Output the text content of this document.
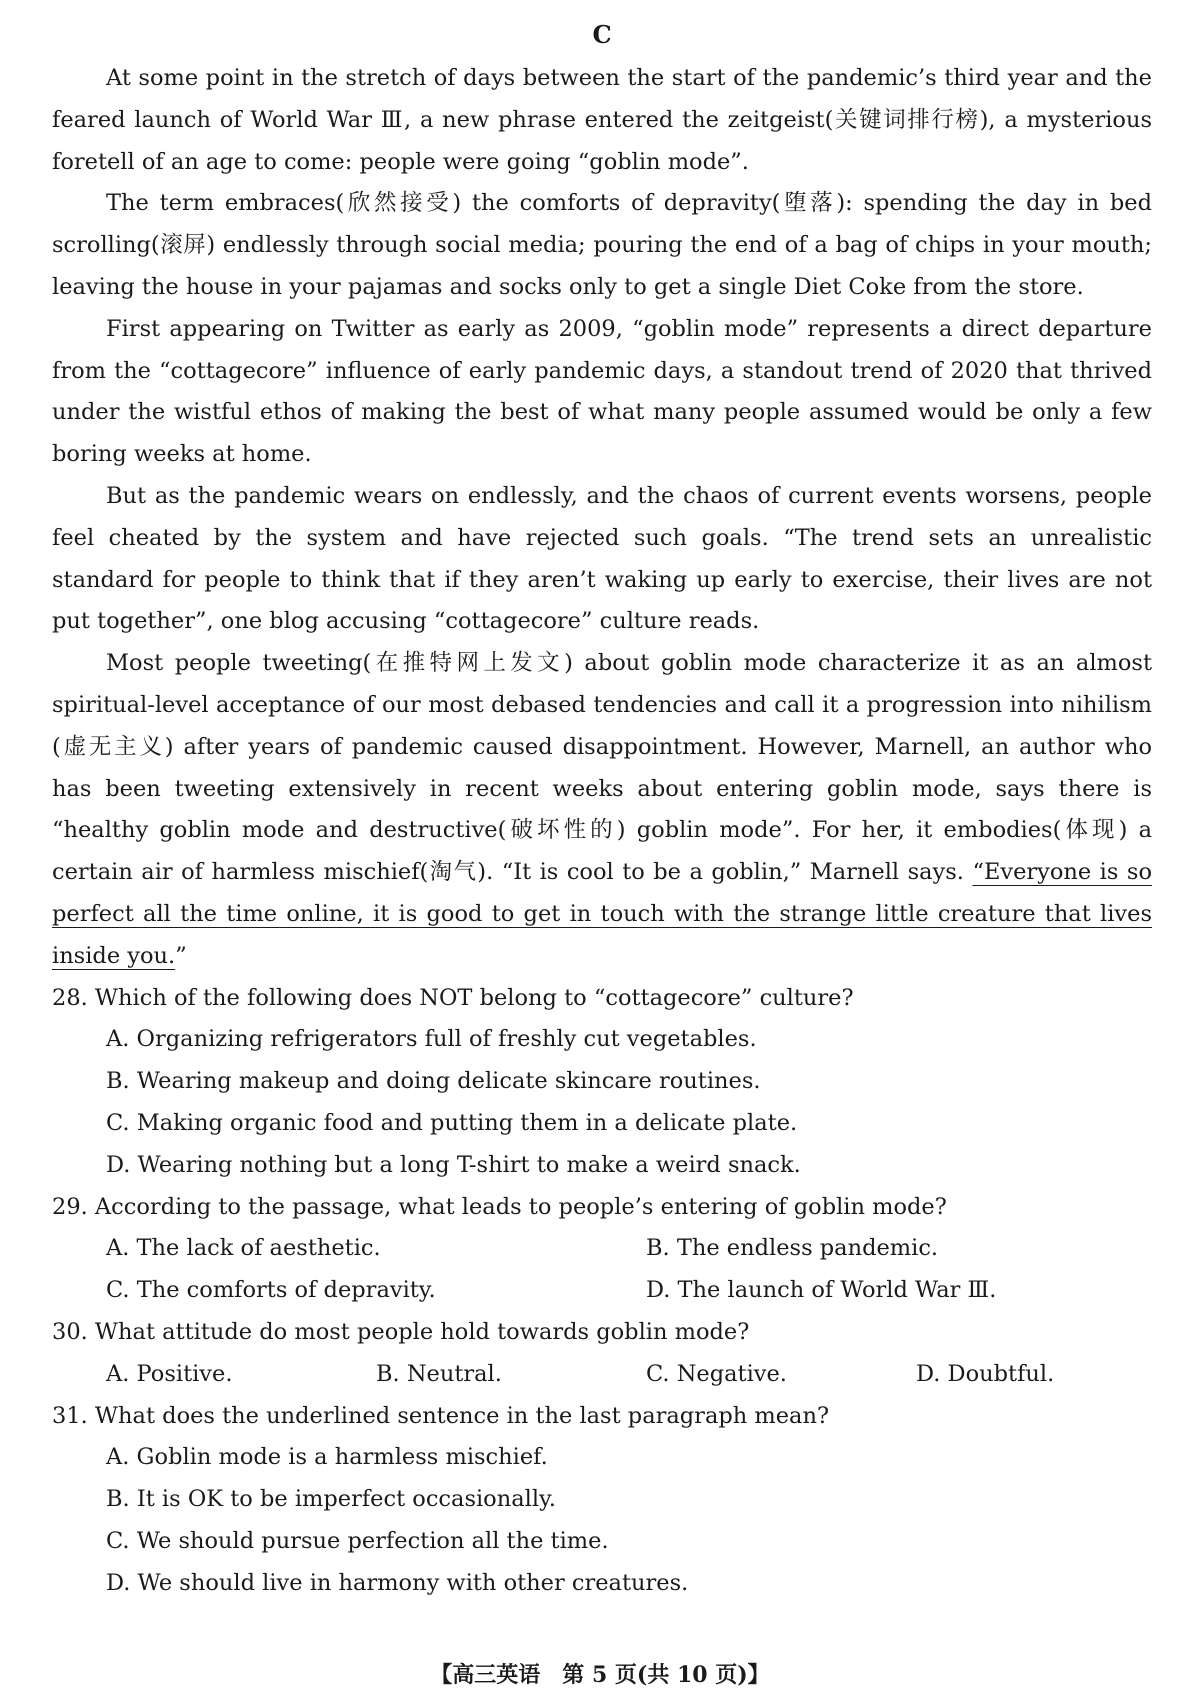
C

At some point in the stretch of days between the start of the pandemic’s third year and the feared launch of World War Ⅲ, a new phrase entered the zeitgeist(关键词排行榜), a mysterious foretell of an age to come: people were going “goblin mode”.

The term embraces(欣然接受) the comforts of depravity(堕落): spending the day in bed scrolling(滚屏) endlessly through social media; pouring the end of a bag of chips in your mouth; leaving the house in your pajamas and socks only to get a single Diet Coke from the store.

First appearing on Twitter as early as 2009, “goblin mode” represents a direct departure from the “cottagecore” influence of early pandemic days, a standout trend of 2020 that thrived under the wistful ethos of making the best of what many people assumed would be only a few boring weeks at home.

But as the pandemic wears on endlessly, and the chaos of current events worsens, people feel cheated by the system and have rejected such goals. “The trend sets an unrealistic standard for people to think that if they aren’t waking up early to exercise, their lives are not put together”, one blog accusing “cottagecore” culture reads.

Most people tweeting(在推特网上发文) about goblin mode characterize it as an almost spiritual-level acceptance of our most debased tendencies and call it a progression into nihilism (虚无主义) after years of pandemic caused disappointment. However, Marnell, an author who has been tweeting extensively in recent weeks about entering goblin mode, says there is “healthy goblin mode and destructive(破坏性的) goblin mode”. For her, it embodies(体现) a certain air of harmless mischief(淘气). “It is cool to be a goblin,” Marnell says. “Everyone is so perfect all the time online, it is good to get in touch with the strange little creature that lives inside you.”

28. Which of the following does NOT belong to “cottagecore” culture?

A. Organizing refrigerators full of freshly cut vegetables.
B. Wearing makeup and doing delicate skincare routines.
C. Making organic food and putting them in a delicate plate.
D. Wearing nothing but a long T-shirt to make a weird snack.

29. According to the passage, what leads to people’s entering of goblin mode?

A. The lack of aesthetic.	B. The endless pandemic.
C. The comforts of depravity.	D. The launch of World War Ⅲ.

30. What attitude do most people hold towards goblin mode?

A. Positive.	B. Neutral.	C. Negative.	D. Doubtful.

31. What does the underlined sentence in the last paragraph mean?

A. Goblin mode is a harmless mischief.
B. It is OK to be imperfect occasionally.
C. We should pursue perfection all the time.
D. We should live in harmony with other creatures.
【高三英语　第 5 页(共 10 页)】
